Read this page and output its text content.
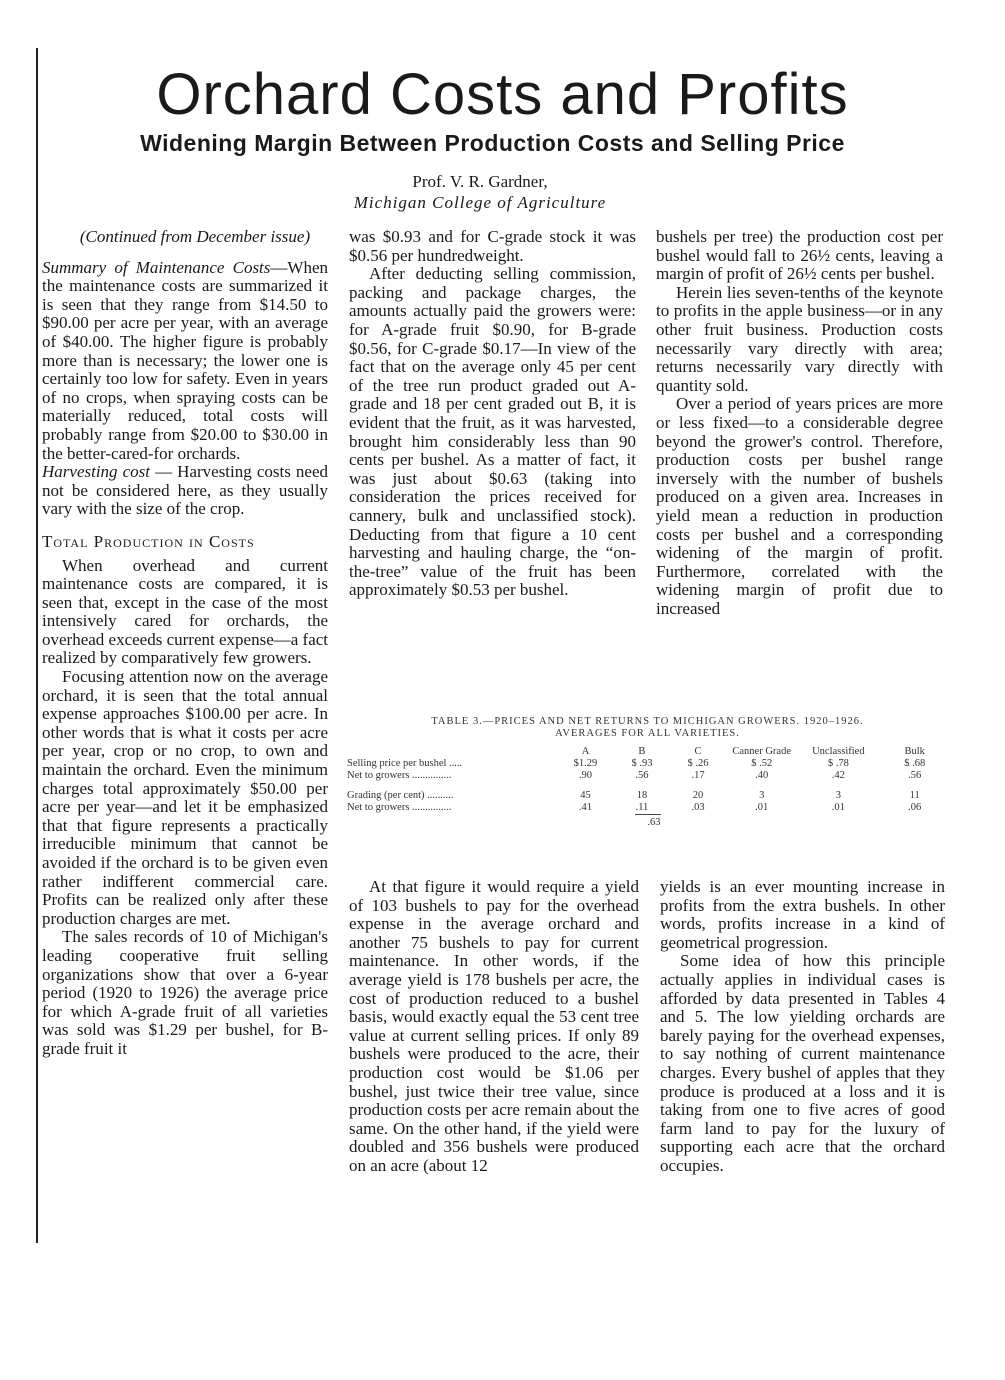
Orchard Costs and Profits
Widening Margin Between Production Costs and Selling Price
Prof. V. R. Gardner,
Michigan College of Agriculture

(Continued from December issue)

Summary of Maintenance Costs—When the maintenance costs are summarized it is seen that they range from $14.50 to $90.00 per acre per year, with an average of $40.00. The higher figure is probably more than is necessary; the lower one is certainly too low for safety. Even in years of no crops, when spraying costs can be materially reduced, total costs will probably range from $20.00 to $30.00 in the better-cared-for orchards.

Harvesting cost — Harvesting costs need not be considered here, as they usually vary with the size of the crop.

Total Production in Costs

When overhead and current maintenance costs are compared, it is seen that, except in the case of the most intensively cared for orchards, the overhead exceeds current expense—a fact realized by comparatively few growers.

Focusing attention now on the average orchard, it is seen that the total annual expense approaches $100.00 per acre. In other words that is what it costs per acre per year, crop or no crop, to own and maintain the orchard. Even the minimum charges total approximately $50.00 per acre per year—and let it be emphasized that that figure represents a practically irreducible minimum that cannot be avoided if the orchard is to be given even rather indifferent commercial care. Profits can be realized only after these production charges are met.

The sales records of 10 of Michigan's leading cooperative fruit selling organizations show that over a 6-year period (1920 to 1926) the average price for which A-grade fruit of all varieties was sold was $1.29 per bushel, for B-grade fruit it

was $0.93 and for C-grade stock it was $0.56 per hundredweight.

After deducting selling commission, packing and package charges, the amounts actually paid the growers were: for A-grade fruit $0.90, for B-grade $0.56, for C-grade $0.17—In view of the fact that on the average only 45 per cent of the tree run product graded out A-grade and 18 per cent graded out B, it is evident that the fruit, as it was harvested, brought him considerably less than 90 cents per bushel. As a matter of fact, it was just about $0.63 (taking into consideration the prices received for cannery, bulk and unclassified stock). Deducting from that figure a 10 cent harvesting and hauling charge, the “on-the-tree” value of the fruit has been approximately $0.53 per bushel.

bushels per tree) the production cost per bushel would fall to 26½ cents, leaving a margin of profit of 26½ cents per bushel.

Herein lies seven-tenths of the keynote to profits in the apple business—or in any other fruit business. Production costs necessarily vary directly with area; returns necessarily vary directly with quantity sold.

Over a period of years prices are more or less fixed—to a considerable degree beyond the grower's control. Therefore, production costs per bushel range inversely with the number of bushels produced on a given area. Increases in yield mean a reduction in production costs per bushel and a corresponding widening of the margin of profit. Furthermore, correlated with the widening margin of profit due to increased

TABLE 3.—PRICES AND NET RETURNS TO MICHIGAN GROWERS. 1920–1926.
AVERAGES FOR ALL VARIETIES.
	A	B	C	Canner Grade	Unclassified	Bulk
Selling price per bushel .....	$1.29	$ .93	$ .26	$ .52	$ .78	$ .68
Net to growers ...............	.90	.56	.17	.40	.42	.56
Grading (per cent) ..........	45	18	20	3	3	11
Net to growers ...............	.41	.11	.03	.01	.01	.06
.63						

At that figure it would require a yield of 103 bushels to pay for the overhead expense in the average orchard and another 75 bushels to pay for current maintenance. In other words, if the average yield is 178 bushels per acre, the cost of production reduced to a bushel basis, would exactly equal the 53 cent tree value at current selling prices. If only 89 bushels were produced to the acre, their production cost would be $1.06 per bushel, just twice their tree value, since production costs per acre remain about the same. On the other hand, if the yield were doubled and 356 bushels were produced on an acre (about 12

yields is an ever mounting increase in profits from the extra bushels. In other words, profits increase in a kind of geometrical progression.

Some idea of how this principle actually applies in individual cases is afforded by data presented in Tables 4 and 5. The low yielding orchards are barely paying for the overhead expenses, to say nothing of current maintenance charges. Every bushel of apples that they produce is produced at a loss and it is taking from one to five acres of good farm land to pay for the luxury of supporting each acre that the orchard occupies.
